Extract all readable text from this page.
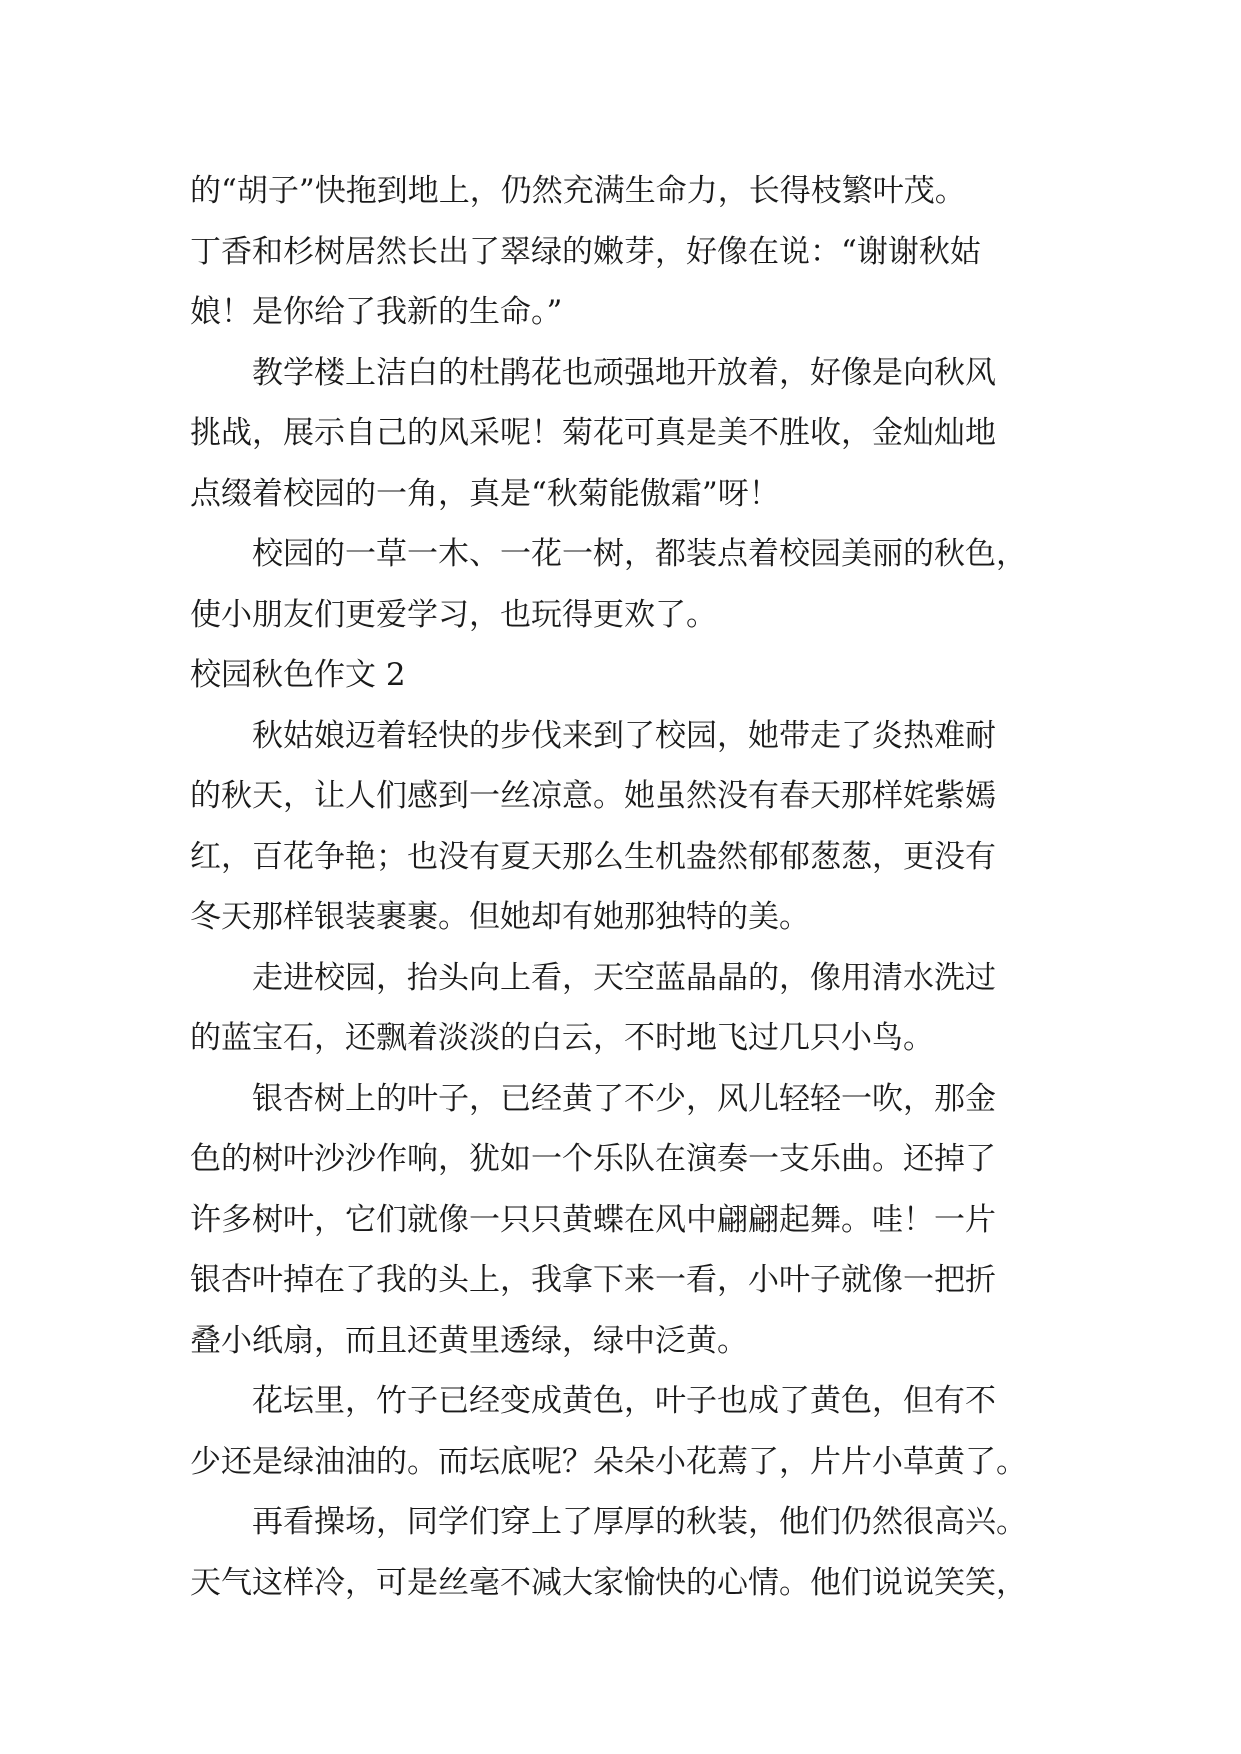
的“胡子”快拖到地上，仍然充满生命力，长得枝繁叶茂。
丁香和杉树居然长出了翠绿的嫩芽，好像在说：“谢谢秋姑
娘！是你给了我新的生命。”
教学楼上洁白的杜鹃花也顽强地开放着，好像是向秋风
挑战，展示自己的风采呢！菊花可真是美不胜收，金灿灿地
点缀着校园的一角，真是“秋菊能傲霜”呀！
校园的一草一木、一花一树，都装点着校园美丽的秋色，
使小朋友们更爱学习，也玩得更欢了。
校园秋色作文 2
秋姑娘迈着轻快的步伐来到了校园，她带走了炎热难耐
的秋天，让人们感到一丝凉意。她虽然没有春天那样姹紫嫣
红，百花争艳；也没有夏天那么生机盎然郁郁葱葱，更没有
冬天那样银装裹裹。但她却有她那独特的美。
走进校园，抬头向上看，天空蓝晶晶的，像用清水洗过
的蓝宝石，还飘着淡淡的白云，不时地飞过几只小鸟。
银杏树上的叶子，已经黄了不少，风儿轻轻一吹，那金
色的树叶沙沙作响，犹如一个乐队在演奏一支乐曲。还掉了
许多树叶，它们就像一只只黄蝶在风中翩翩起舞。哇！一片
银杏叶掉在了我的头上，我拿下来一看，小叶子就像一把折
叠小纸扇，而且还黄里透绿，绿中泛黄。
花坛里，竹子已经变成黄色，叶子也成了黄色，但有不
少还是绿油油的。而坛底呢？朵朵小花蔫了，片片小草黄了。
再看操场，同学们穿上了厚厚的秋装，他们仍然很高兴。
天气这样冷，可是丝毫不减大家愉快的心情。他们说说笑笑，
